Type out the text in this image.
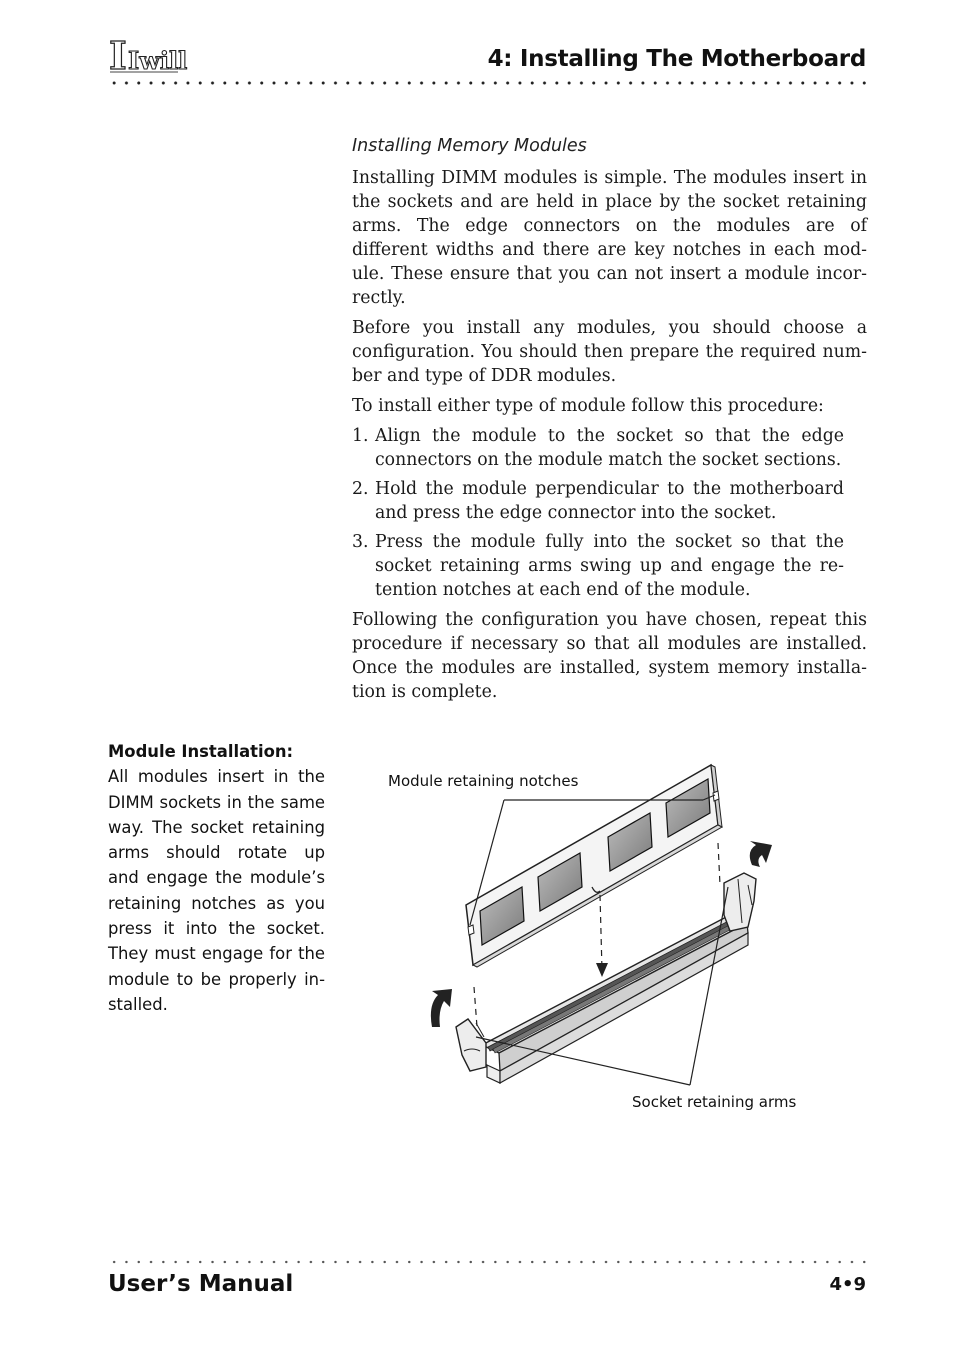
I Iwill	4: Installing The Motherboard
Installing Memory Modules

Installing DIMM modules is simple. The modules insert in the sockets and are held in place by the socket retaining arms. The edge connectors on the modules are of different widths and there are key notches in each module. These ensure that you can not insert a module incorrectly.

Before you install any modules, you should choose a configuration. You should then prepare the required number and type of DDR modules.

To install either type of module follow this procedure:

1. Align the module to the socket so that the edge connectors on the module match the socket sections.
2. Hold the module perpendicular to the motherboard and press the edge connector into the socket.
3. Press the module fully into the socket so that the socket retaining arms swing up and engage the retention notches at each end of the module.

Following the configuration you have chosen, repeat this procedure if necessary so that all modules are installed. Once the modules are installed, system memory installation is complete.

Module Installation:
All modules insert in the DIMM sockets in the same way. The socket retaining arms should rotate up and engage the module’s retaining notches as you press it into the socket. They must engage for the module to be properly installed.
Module retaining notches
Socket retaining arms
User’s Manual	4•9
